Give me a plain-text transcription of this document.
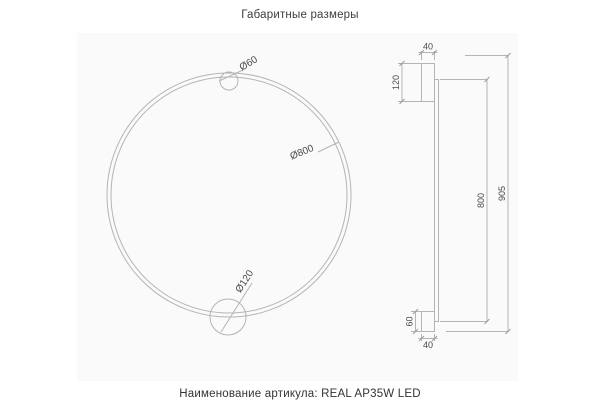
Габаритные размеры
Ø60
Ø800
Ø120
40
120
800 905
60
40
Наименование артикула: REAL AP35W LED
